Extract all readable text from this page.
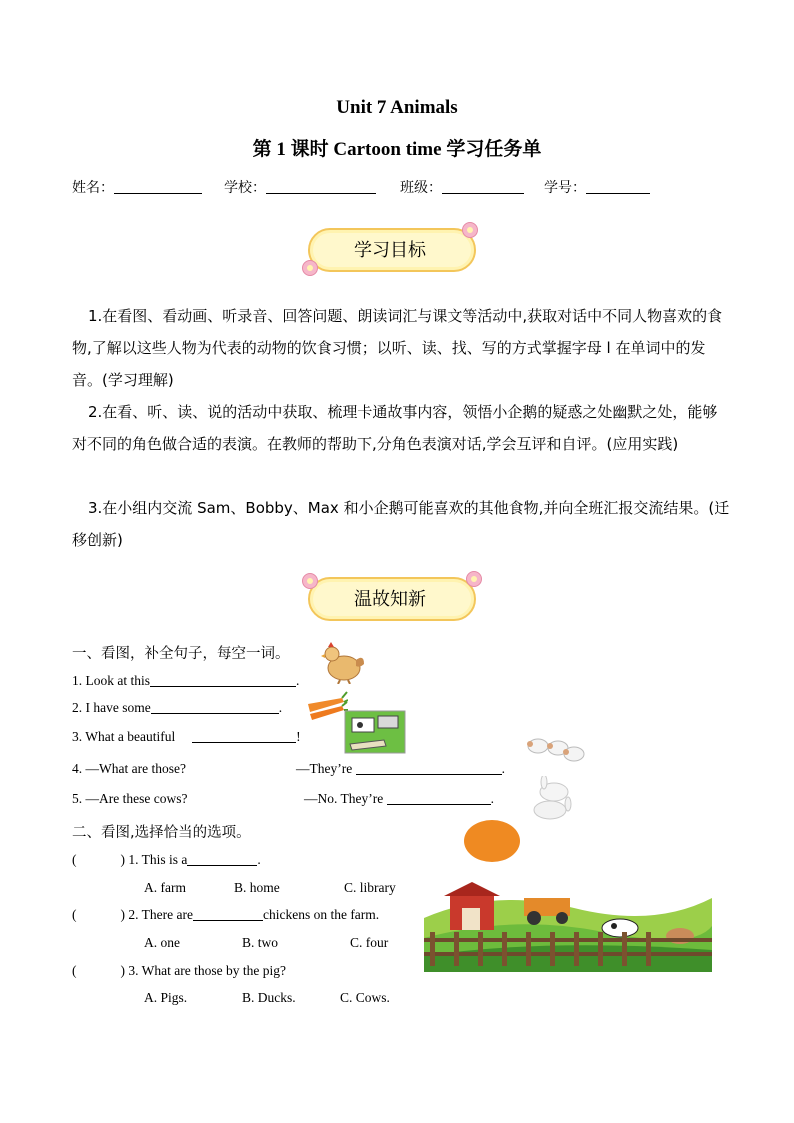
Unit 7 Animals
第 1 课时 Cartoon time 学习任务单
姓名：	学校：	班级：	学号：
学习目标
1.在看图、看动画、听录音、回答问题、朗读词汇与课文等活动中,获取对话中不同人物喜欢的食物,了解以这些人物为代表的动物的饮食习惯；以听、读、找、写的方式掌握字母 l 在单词中的发音。(学习理解)
2.在看、听、读、说的活动中获取、梳理卡通故事内容，领悟小企鹅的疑惑之处幽默之处，能够对不同的角色做合适的表演。在教师的帮助下,分角色表演对话,学会互评和自评。(应用实践)
3.在小组内交流 Sam、Bobby、Max 和小企鹅可能喜欢的其他食物,并向全班汇报交流结果。(迁移创新)
温故知新
一、看图，补全句子，每空一词。
1. Look at this	.
2. I have some	.
3. What a beautiful	!
4. —What are those?	—They’re	.
5. —Are these cows?	—No. They’re	.
二、看图,选择恰当的选项。
(	) 1. This is a	.
A. farm	B. home	C. library
(	) 2. There are	chickens on the farm.
A. one	B. two	C. four
(	) 3. What are those by the pig?
A. Pigs.	B. Ducks.	C. Cows.
